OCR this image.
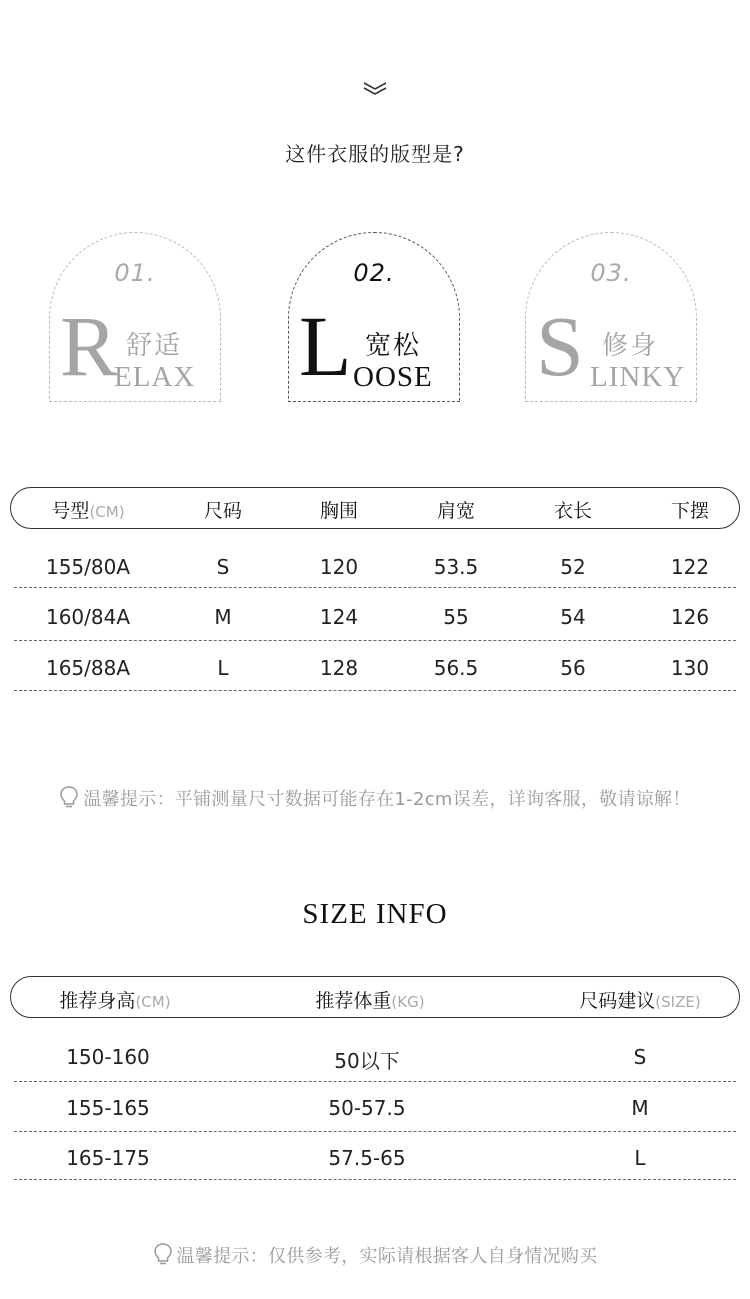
这件衣服的版型是?
01.
R 舒适
ELAX
02.
L 宽松
OOSE
03.
S 修身
LINKY
号型(CM)	尺码	胸围	肩宽	衣长	下摆
155/80A	S	120	53.5	52	122
160/84A	M	124	55	54	126
165/88A	L	128	56.5	56	130
温馨提示：平铺测量尺寸数据可能存在1-2cm误差，详询客服，敬请谅解！
SIZE INFO
推荐身高(CM)	推荐体重(KG)	尺码建议(SIZE)
150-160	50以下	S
155-165	50-57.5	M
165-175	57.5-65	L
温馨提示：仅供参考，实际请根据客人自身情况购买
